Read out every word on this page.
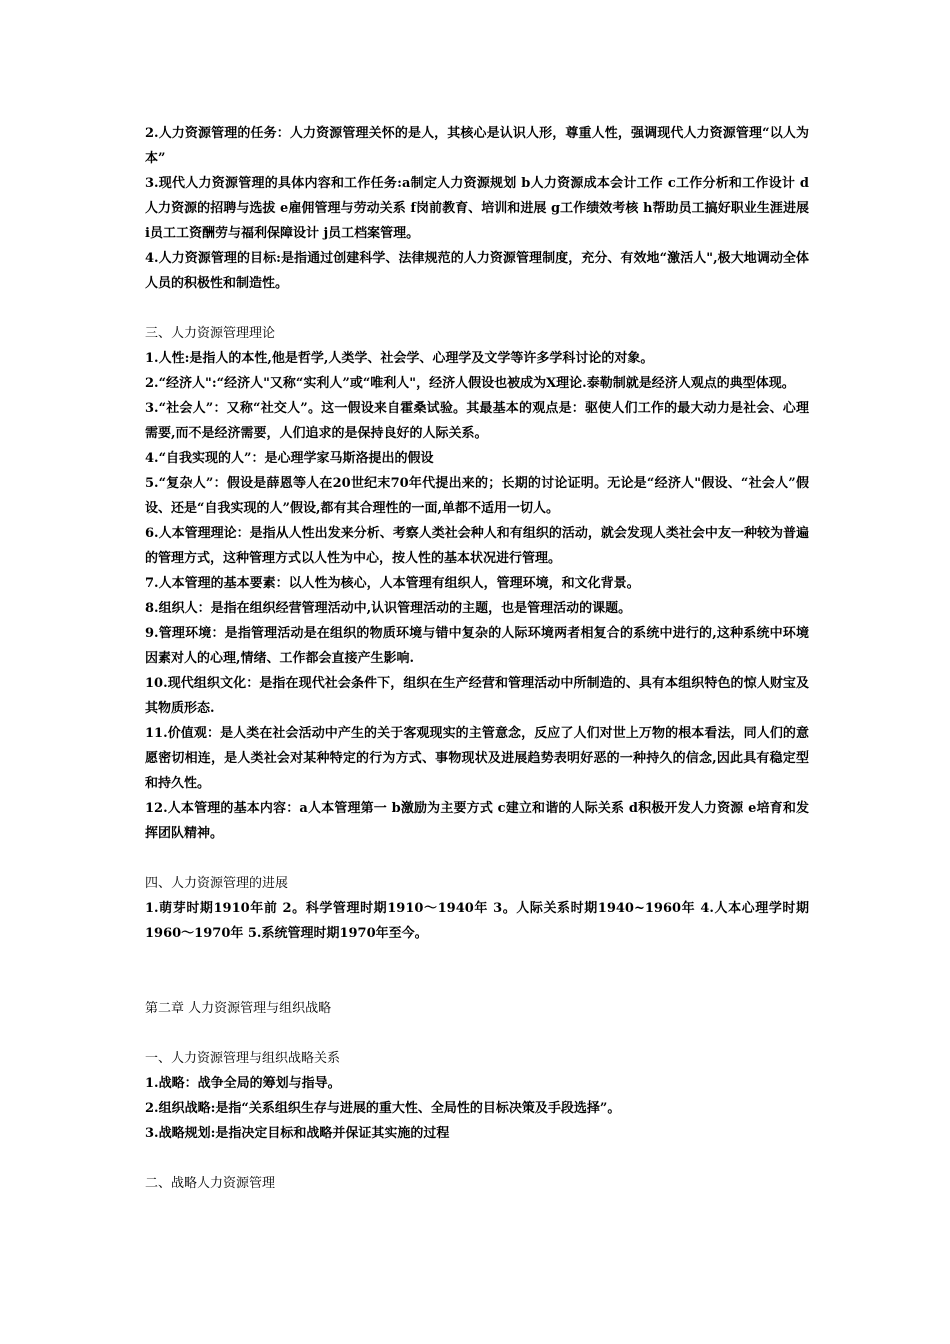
2.人力资源管理的任务：人力资源管理关怀的是人，其核心是认识人形，尊重人性，强调现代人力资源管理“以人为本”

3.现代人力资源管理的具体内容和工作任务:a制定人力资源规划 b人力资源成本会计工作 c工作分析和工作设计 d人力资源的招聘与选拔 e雇佣管理与劳动关系 f岗前教育、培训和进展 g工作绩效考核 h帮助员工搞好职业生涯进展 i员工工资酬劳与福利保障设计 j员工档案管理。

4.人力资源管理的目标:是指通过创建科学、法律规范的人力资源管理制度，充分、有效地“激活人",极大地调动全体人员的积极性和制造性。

三、人力资源管理理论

1.人性:是指人的本性,他是哲学,人类学、社会学、心理学及文学等许多学科讨论的对象。

2.“经济人":“经济人"又称“实利人”或“唯利人"，经济人假设也被成为X理论.泰勒制就是经济人观点的典型体现。

3.“社会人”：又称“社交人”。这一假设来自霍桑试验。其最基本的观点是：驱使人们工作的最大动力是社会、心理需要,而不是经济需要，人们追求的是保持良好的人际关系。

4.“自我实现的人”：是心理学家马斯洛提出的假设

5.“复杂人”：假设是薛恩等人在20世纪末70年代提出来的；长期的讨论证明。无论是“经济人"假设、“社会人”假设、还是“自我实现的人”假设,都有其合理性的一面,单都不适用一切人。

6.人本管理理论：是指从人性出发来分析、考察人类社会种人和有组织的活动，就会发现人类社会中友一种较为普遍的管理方式，这种管理方式以人性为中心，按人性的基本状况进行管理。

7.人本管理的基本要素：以人性为核心，人本管理有组织人，管理环境，和文化背景。

8.组织人：是指在组织经营管理活动中,认识管理活动的主题，也是管理活动的课题。

9.管理环境：是指管理活动是在组织的物质环境与错中复杂的人际环境两者相复合的系统中进行的,这种系统中环境因素对人的心理,情绪、工作都会直接产生影响.

10.现代组织文化：是指在现代社会条件下，组织在生产经营和管理活动中所制造的、具有本组织特色的惊人财宝及其物质形态.

11.价值观：是人类在社会活动中产生的关于客观现实的主管意念，反应了人们对世上万物的根本看法，同人们的意愿密切相连，是人类社会对某种特定的行为方式、事物现状及进展趋势表明好恶的一种持久的信念,因此具有稳定型和持久性。

12.人本管理的基本内容：a人本管理第一 b激励为主要方式 c建立和谐的人际关系 d积极开发人力资源 e培育和发挥团队精神。

四、人力资源管理的进展

1.萌芽时期1910年前 2。科学管理时期1910～1940年 3。人际关系时期1940~1960年 4.人本心理学时期1960～1970年 5.系统管理时期1970年至今。

第二章 人力资源管理与组织战略

一、人力资源管理与组织战略关系

1.战略：战争全局的筹划与指导。

2.组织战略:是指“关系组织生存与进展的重大性、全局性的目标决策及手段选择”。

3.战略规划:是指决定目标和战略并保证其实施的过程

二、战略人力资源管理
